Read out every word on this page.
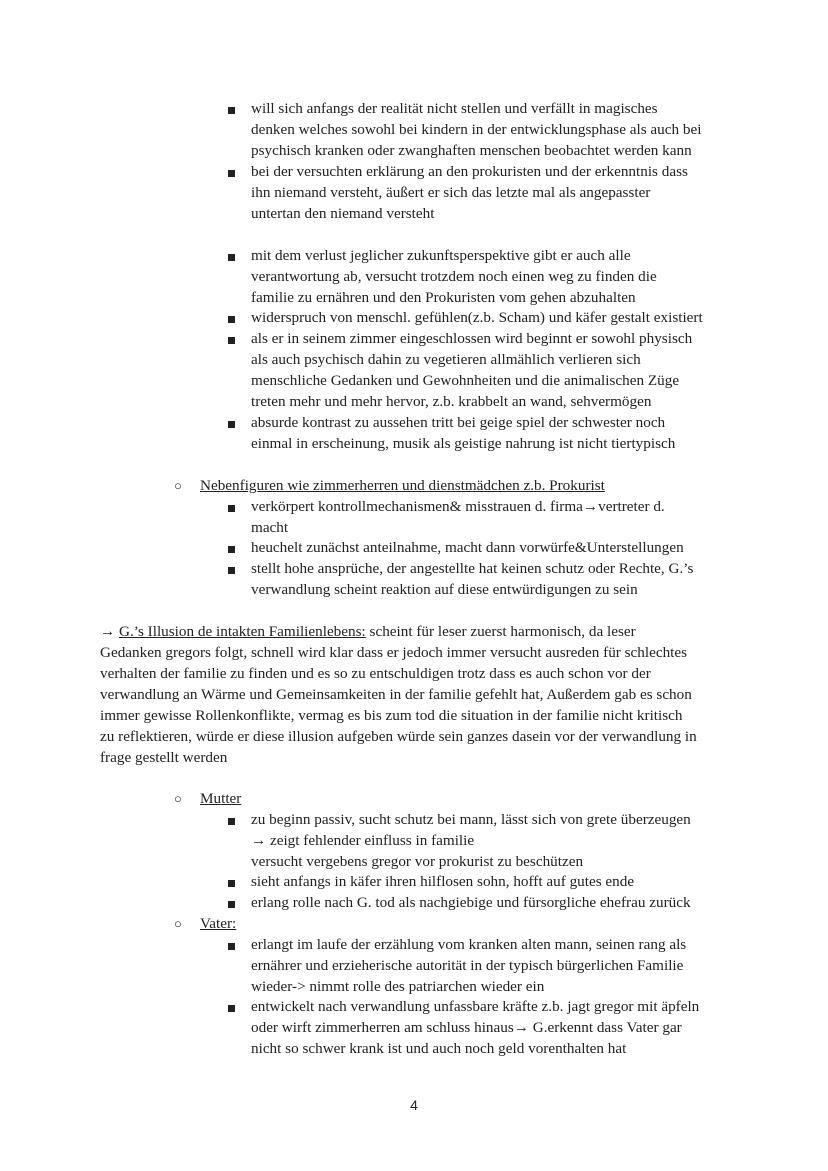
will sich anfangs der realität nicht stellen und verfällt in magisches
denken welches sowohl bei kindern in der entwicklungsphase als auch bei
psychisch kranken oder zwanghaften menschen beobachtet werden kann
bei der versuchten erklärung an den prokuristen und der erkenntnis dass
ihn niemand versteht, äußert er sich das letzte mal als angepasster
untertan den niemand versteht
mit dem verlust jeglicher zukunftsperspektive gibt er auch alle
verantwortung ab, versucht trotzdem noch einen weg zu finden die
familie zu ernähren und den Prokuristen vom gehen abzuhalten
widerspruch von menschl. gefühlen(z.b. Scham) und käfer gestalt existiert
als er in seinem zimmer eingeschlossen wird beginnt er sowohl physisch
als auch psychisch dahin zu vegetieren allmählich verlieren sich
menschliche Gedanken und Gewohnheiten und die animalischen Züge
treten mehr und mehr hervor, z.b. krabbelt an wand, sehvermögen
absurde kontrast zu aussehen tritt bei geige spiel der schwester noch
einmal in erscheinung, musik als geistige nahrung ist nicht tiertypisch
○ Nebenfiguren wie zimmerherren und dienstmädchen z.b. Prokurist
verkörpert kontrollmechanismen& misstrauen d. firma→vertreter d.
macht
heuchelt zunächst anteilnahme, macht dann vorwürfe&Unterstellungen
stellt hohe ansprüche, der angestellte hat keinen schutz oder Rechte, G.’s
verwandlung scheint reaktion auf diese entwürdigungen zu sein
→ G.’s Illusion de intakten Familienlebens: scheint für leser zuerst harmonisch, da leser
Gedanken gregors folgt, schnell wird klar dass er jedoch immer versucht ausreden für schlechtes
verhalten der familie zu finden und es so zu entschuldigen trotz dass es auch schon vor der
verwandlung an Wärme und Gemeinsamkeiten in der familie gefehlt hat, Außerdem gab es schon
immer gewisse Rollenkonflikte, vermag es bis zum tod die situation in der familie nicht kritisch
zu reflektieren, würde er diese illusion aufgeben würde sein ganzes dasein vor der verwandlung in
frage gestellt werden
○ Mutter
zu beginn passiv, sucht schutz bei mann, lässt sich von grete überzeugen
→ zeigt fehlender einfluss in familie
versucht vergebens gregor vor prokurist zu beschützen
sieht anfangs in käfer ihren hilflosen sohn, hofft auf gutes ende
erlang rolle nach G. tod als nachgiebige und fürsorgliche ehefrau zurück
○ Vater:
erlangt im laufe der erzählung vom kranken alten mann, seinen rang als
ernährer und erzieherische autorität in der typisch bürgerlichen Familie
wieder-> nimmt rolle des patriarchen wieder ein
entwickelt nach verwandlung unfassbare kräfte z.b. jagt gregor mit äpfeln
oder wirft zimmerherren am schluss hinaus→ G.erkennt dass Vater gar
nicht so schwer krank ist und auch noch geld vorenthalten hat
4
